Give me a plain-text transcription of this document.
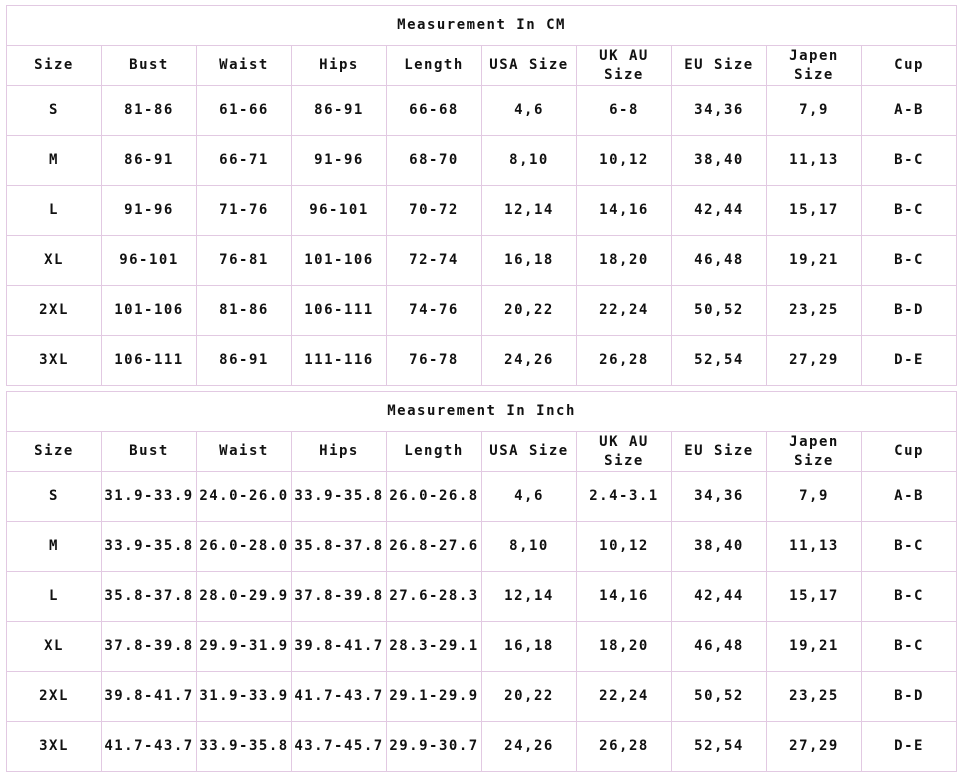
Measurement In CM									
Size	Bust	Waist	Hips	Length	USA Size	UK AU Size	EU Size	Japen Size	Cup
S	81-86	61-66	86-91	66-68	4,6	6-8	34,36	7,9	A-B
M	86-91	66-71	91-96	68-70	8,10	10,12	38,40	11,13	B-C
L	91-96	71-76	96-101	70-72	12,14	14,16	42,44	15,17	B-C
XL	96-101	76-81	101-106	72-74	16,18	18,20	46,48	19,21	B-C
2XL	101-106	81-86	106-111	74-76	20,22	22,24	50,52	23,25	B-D
3XL	106-111	86-91	111-116	76-78	24,26	26,28	52,54	27,29	D-E
Measurement In Inch									
Size	Bust	Waist	Hips	Length	USA Size	UK AU Size	EU Size	Japen Size	Cup
S	31.9-33.9	24.0-26.0	33.9-35.8	26.0-26.8	4,6	2.4-3.1	34,36	7,9	A-B
M	33.9-35.8	26.0-28.0	35.8-37.8	26.8-27.6	8,10	10,12	38,40	11,13	B-C
L	35.8-37.8	28.0-29.9	37.8-39.8	27.6-28.3	12,14	14,16	42,44	15,17	B-C
XL	37.8-39.8	29.9-31.9	39.8-41.7	28.3-29.1	16,18	18,20	46,48	19,21	B-C
2XL	39.8-41.7	31.9-33.9	41.7-43.7	29.1-29.9	20,22	22,24	50,52	23,25	B-D
3XL	41.7-43.7	33.9-35.8	43.7-45.7	29.9-30.7	24,26	26,28	52,54	27,29	D-E
